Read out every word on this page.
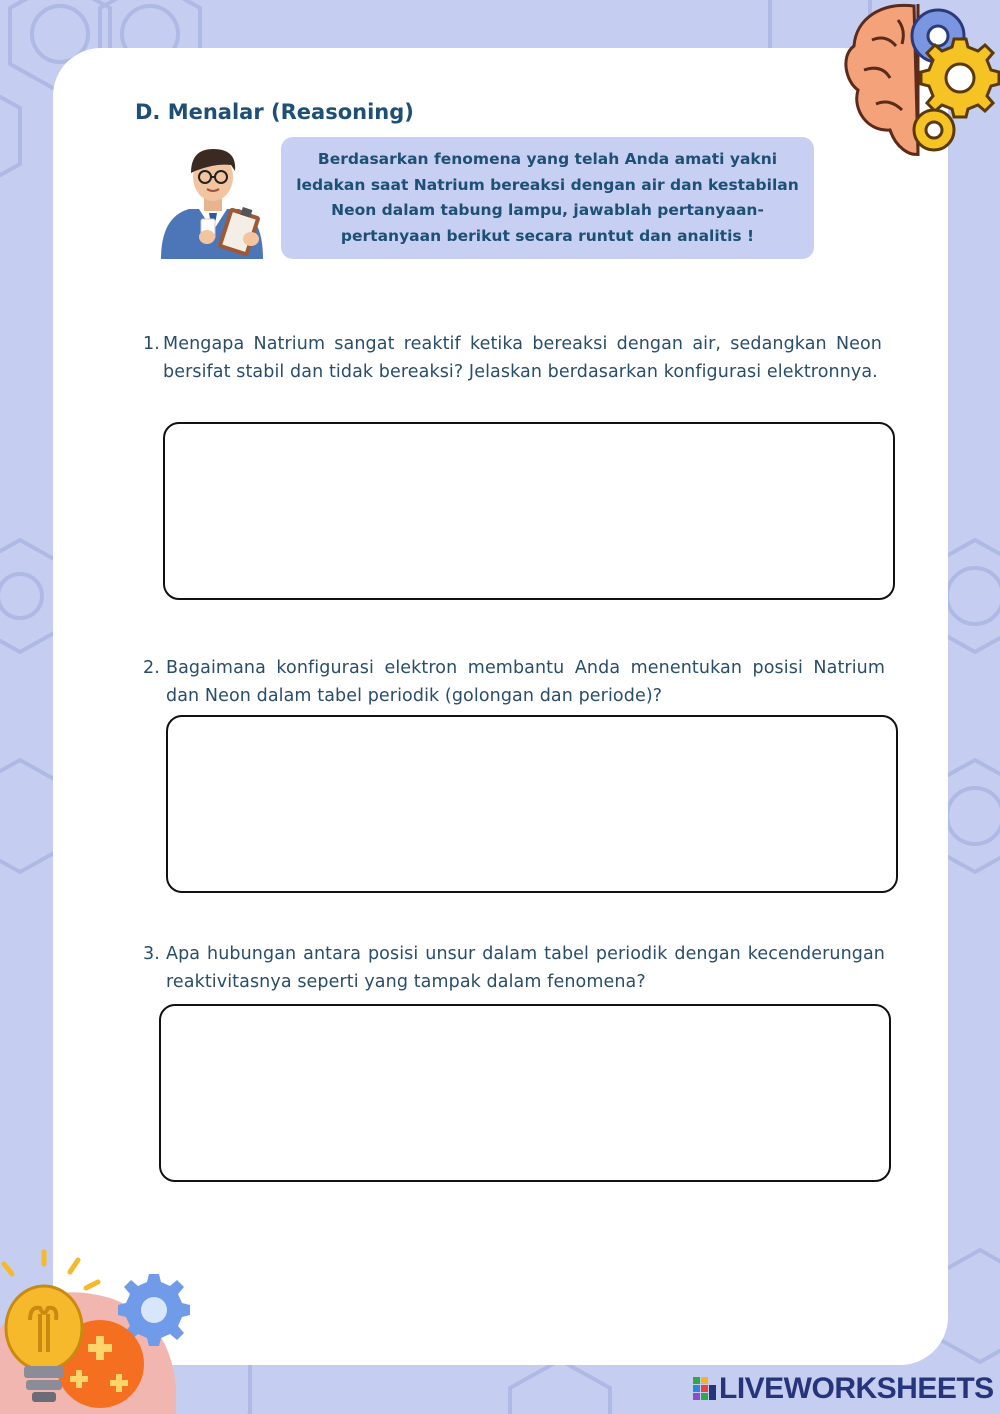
D. Menalar (Reasoning)
Berdasarkan fenomena yang telah Anda amati yakni
ledakan saat Natrium bereaksi dengan air dan kestabilan
Neon dalam tabung lampu, jawablah pertanyaan-
pertanyaan berikut secara runtut dan analitis !
1. Mengapa Natrium sangat reaktif ketika bereaksi dengan air, sedangkan Neon bersifat stabil dan tidak bereaksi? Jelaskan berdasarkan konfigurasi elektronnya.
2. Bagaimana konfigurasi elektron membantu Anda menentukan posisi Natrium dan Neon dalam tabel periodik (golongan dan periode)?
3. Apa hubungan antara posisi unsur dalam tabel periodik dengan kecenderungan reaktivitasnya seperti yang tampak dalam fenomena?
LIVEWORKSHEETS
